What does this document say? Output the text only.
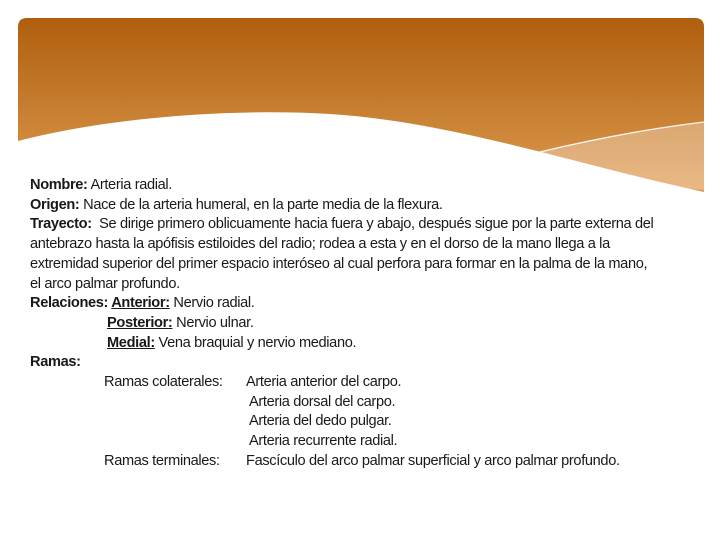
Nombre: Arteria radial.
Origen: Nace de la arteria humeral, en la parte media de la flexura.
Trayecto:  Se dirige primero oblicuamente hacia fuera y abajo, después sigue por la parte externa del
antebrazo hasta la apófisis estiloides del radio; rodea a esta y en el dorso de la mano llega a la
extremidad superior del primer espacio interóseo al cual perfora para formar en la palma de la mano,
el arco palmar profundo.
Relaciones: Anterior: Nervio radial.
Posterior: Nervio ulnar.
Medial: Vena braquial y nervio mediano.
Ramas:
Ramas colaterales: Arteria anterior del carpo.
Arteria dorsal del carpo.
Arteria del dedo pulgar.
Arteria recurrente radial.
Ramas terminales: Fascículo del arco palmar superficial y arco palmar profundo.
